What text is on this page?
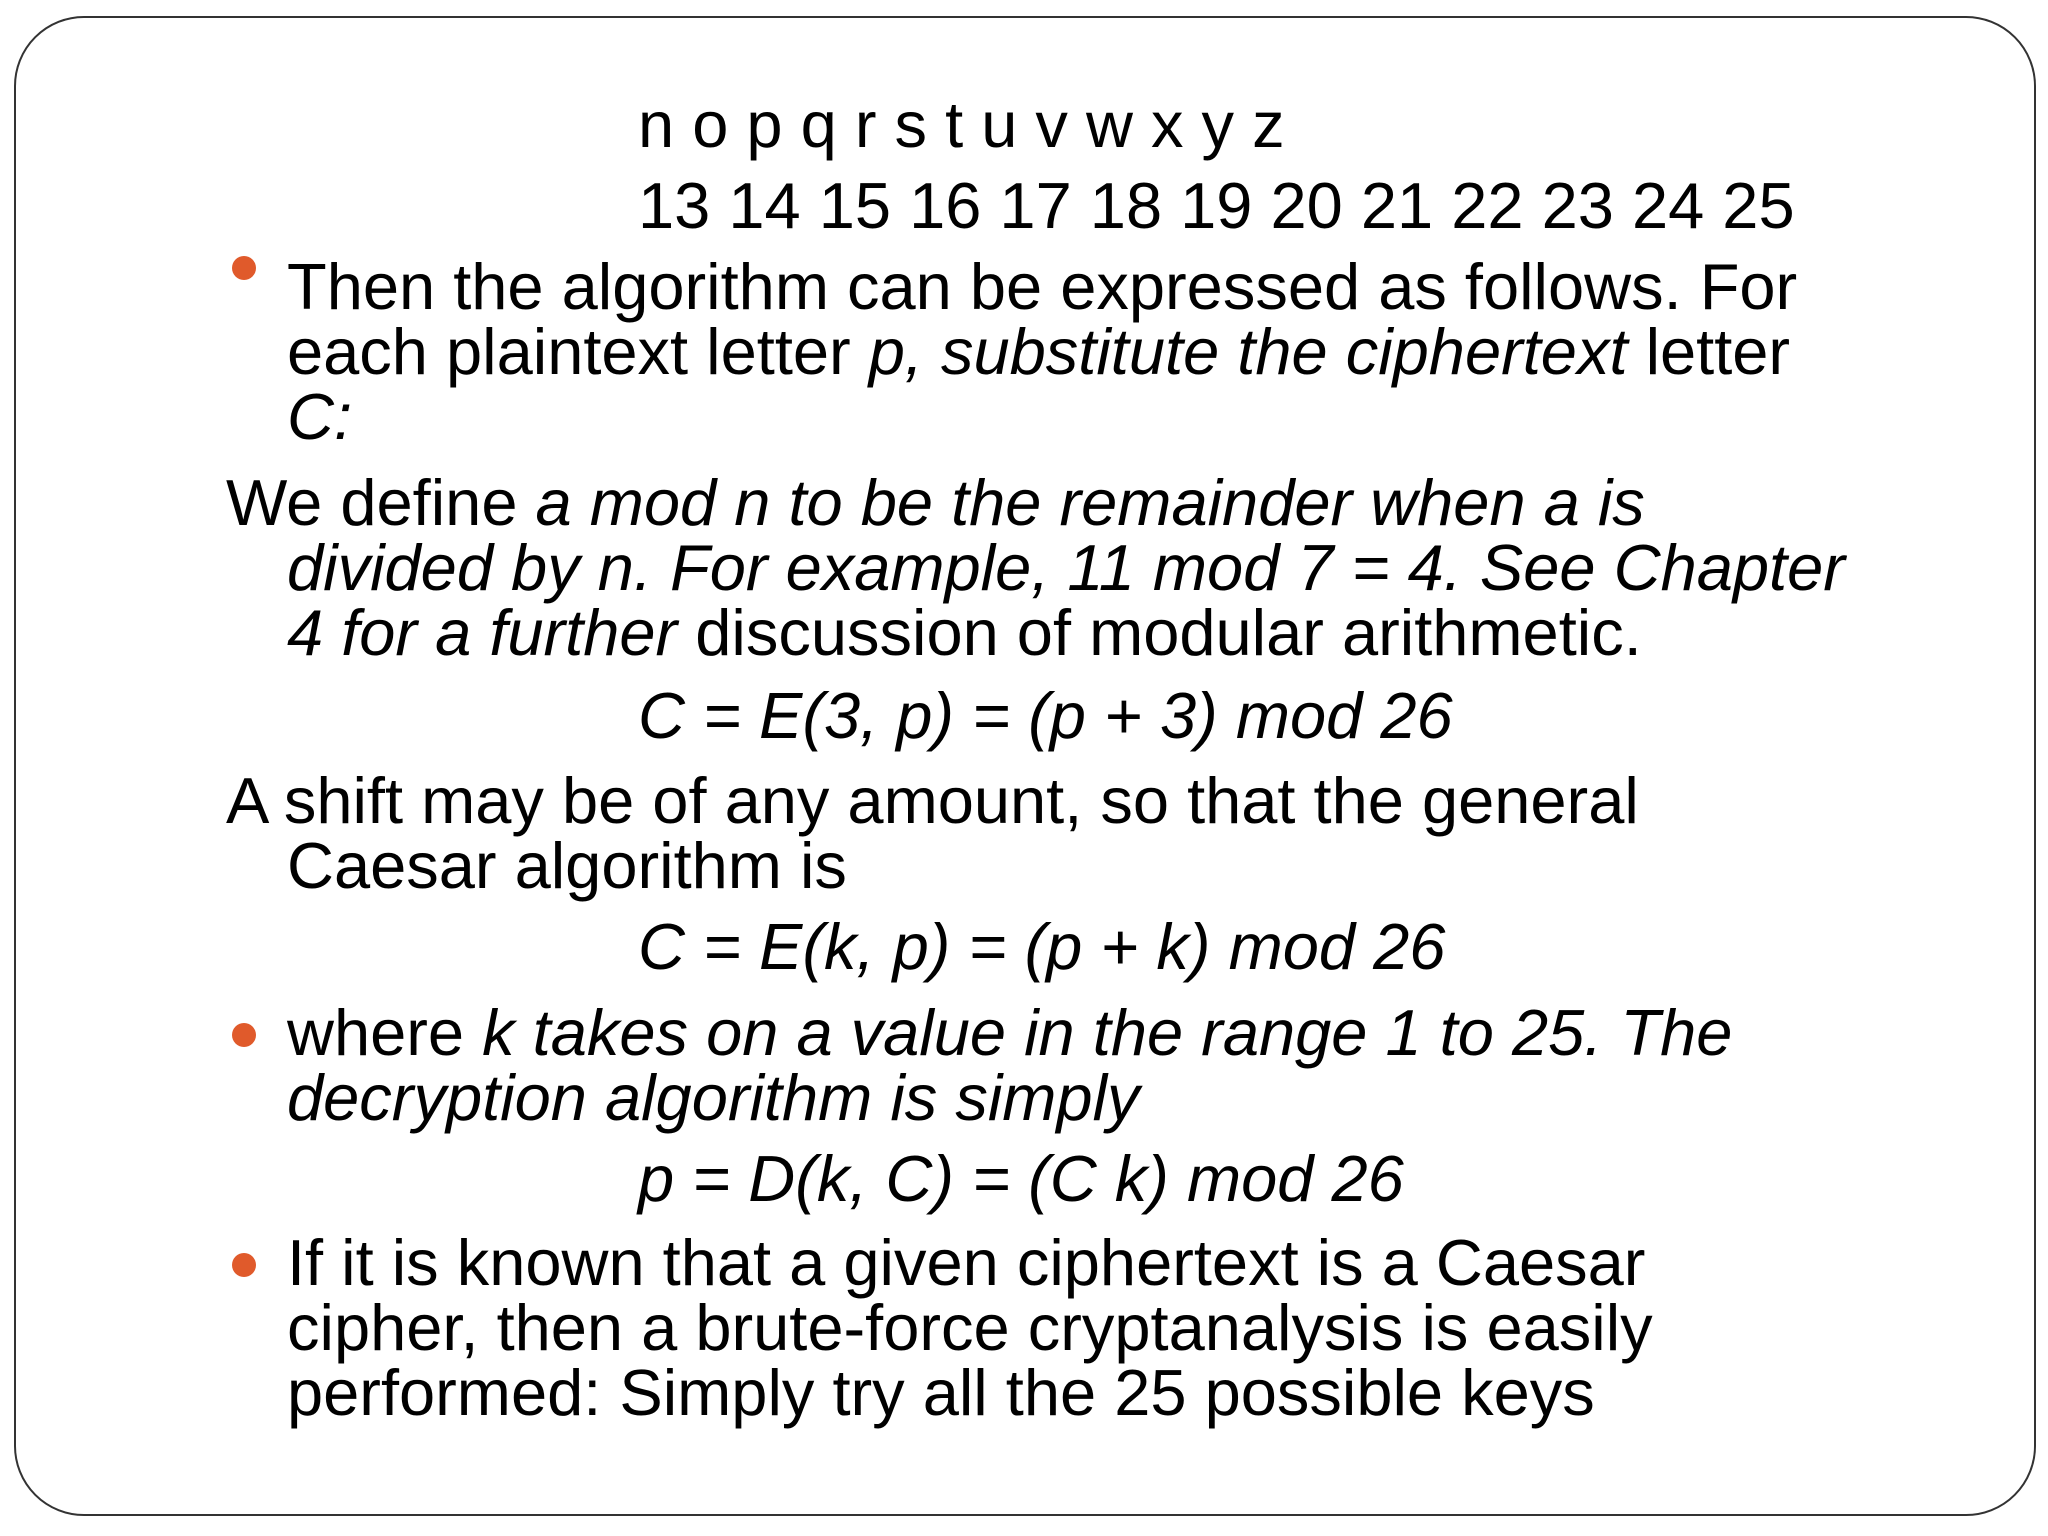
n o p q r s t u v w x y z
13 14 15 16 17 18 19 20 21 22 23 24 25
Then the algorithm can be expressed as follows. For
each plaintext letter p, substitute the ciphertext letter
C:
We define a mod n to be the remainder when a is
divided by n. For example, 11 mod 7 = 4. See Chapter
4 for a further discussion of modular arithmetic.
C = E(3, p) = (p + 3) mod 26
A shift may be of any amount, so that the general
Caesar algorithm is
C = E(k, p) = (p + k) mod 26
where k takes on a value in the range 1 to 25. The
decryption algorithm is simply
p = D(k, C) = (C k) mod 26
If it is known that a given ciphertext is a Caesar
cipher, then a brute-force cryptanalysis is easily
performed: Simply try all the 25 possible keys
